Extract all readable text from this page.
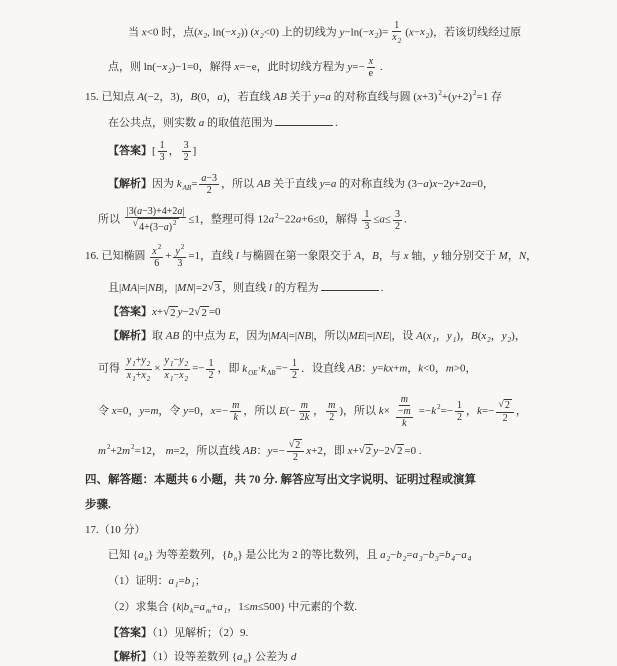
当 x<0 时，点($x_2$, $\ln(-x_2)$) $(x_2<0)$ 上的切线为 $y-\ln(-x_2)= \frac{1}{x_2} (x-x_2)$，若该切线经过原
点，则 $\ln(-x_2)-1=0$，解得 x=−e，此时切线方程为 $y=- \frac{x}{e}$ .
15. 已知点 A(−2，3)，B(0，a)，若直线 AB 关于 y=a 的对称直线与圆 $(x+3)^2+(y+2)^2=1$ 存
在公共点，则实数 a 的取值范围为	.
【答案】[ $\frac{1}{3}$ ， $\frac{3}{2}$ ]
【解析】因为 $k_{AB}= \frac{a-3}{2}$ ，所以 AB 关于直线 y=a 的对称直线为 (3−a)x−2y+2a=0，
所以 $\frac{|3(a-3)+4+2a|}{√ 4+(3-a)^2} \le 1$，整理可得 $12a^2-22a+6\le 0$，解得 $\frac{1}{3} \le a\le \frac{3}{2}$ .
16. 已知椭圆 $\frac{x^2}{6} + \frac{y^2}{3} =1$，直线 l 与椭圆在第一象限交于 A，B，与 x 轴，y 轴分别交于 M，N，
且|MA|=|NB|，|MN|=2 √ 3 ，则直线 l 的方程为	.
【答案】x+ √ 2 y−2 √ 2 =0
【解析】取 AB 的中点为 E，因为|MA|=|NB|，所以|ME|=|NE|，设 $A(x_1$，$y_1$)，$B(x_2$，$y_2$)，
可得 $\frac{y_1+y_2}{x_1+x_2} \times \frac{y_1-y_2}{x_1-x_2} =- \frac{1}{2}$ ，即 $k_{OE}\cdot k_{AB}=- \frac{1}{2}$ ．设直线 AB：y=kx+m，k<0，m>0，
令 x=0，y=m，令 y=0，$x=- \frac{m}{k}$ ，所以 $E(- \frac{m}{2k}$ ， $\frac{m}{2}$ )，所以 $k\times \frac{m}{\frac{-m}{k}} =-k^2=- \frac{1}{2}$ ，$k=- \frac{√ 2}{2}$ ，
$m^2+2m^2=12$， m=2，所以直线 AB：$y=- \frac{√ 2}{2} x+2$，即 x+ √ 2 y−2 √ 2 =0 .
四、解答题：本题共 6 小题，共 70 分. 解答应写出文字说明、证明过程或演算
步骤.
17.（10 分）
已知 $\{a_n\}$ 为等差数列，$\{b_n\}$ 是公比为 2 的等比数列，且 $a_2-b_2=a_3-b_3=b_4-a_4$
（1）证明：$a_1=b_1$；
（2）求集合 {$k|b_k=a_m+a_1$，1≤m≤500} 中元素的个数.
【答案】（1）见解析；（2）9.
【解析】（1）设等差数列 $\{a_n\}$ 公差为 d
